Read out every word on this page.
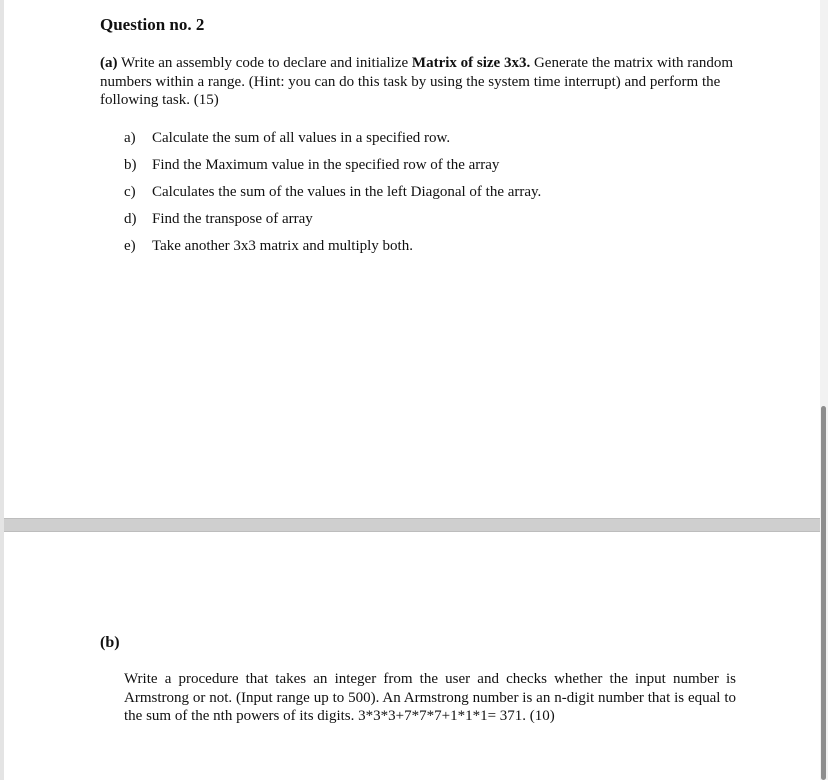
Question no. 2
(a) Write an assembly code to declare and initialize Matrix of size 3x3. Generate the matrix with random numbers within a range. (Hint: you can do this task by using the system time interrupt) and perform the following task. (15)
a) Calculate the sum of all values in a specified row.
b) Find the Maximum value in the specified row of the array
c) Calculates the sum of the values in the left Diagonal of the array.
d) Find the transpose of array
e) Take another 3x3 matrix and multiply both.
(b)
Write a procedure that takes an integer from the user and checks whether the input number is Armstrong or not. (Input range up to 500). An Armstrong number is an n-digit number that is equal to the sum of the nth powers of its digits. 3*3*3+7*7*7+1*1*1= 371. (10)
